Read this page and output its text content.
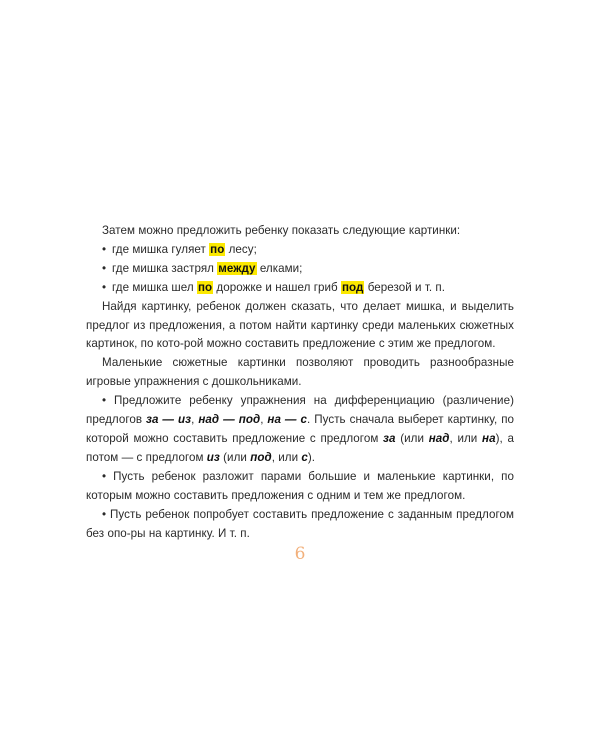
Затем можно предложить ребенку показать следующие картинки:

• где мишка гуляет по лесу;

• где мишка застрял между елками;

• где мишка шел по дорожке и нашел гриб под березой и т. п.

Найдя картинку, ребенок должен сказать, что делает мишка, и выделить предлог из предложения, а потом найти картинку среди маленьких сюжетных картинок, по кото-рой можно составить предложение с этим же предлогом.

Маленькие сюжетные картинки позволяют проводить разнообразные игровые упражнения с дошкольниками.

• Предложите ребенку упражнения на дифференциацию (различение) предлогов за — из, над — под, на — с. Пусть сначала выберет картинку, по которой можно составить предложение с предлогом за (или над, или на), а потом — с предлогом из (или под, или с).

• Пусть ребенок разложит парами большие и маленькие картинки, по которым можно составить предложения с одним и тем же предлогом.

• Пусть ребенок попробует составить предложение с заданным предлогом без опо-ры на картинку. И т. п.

6
